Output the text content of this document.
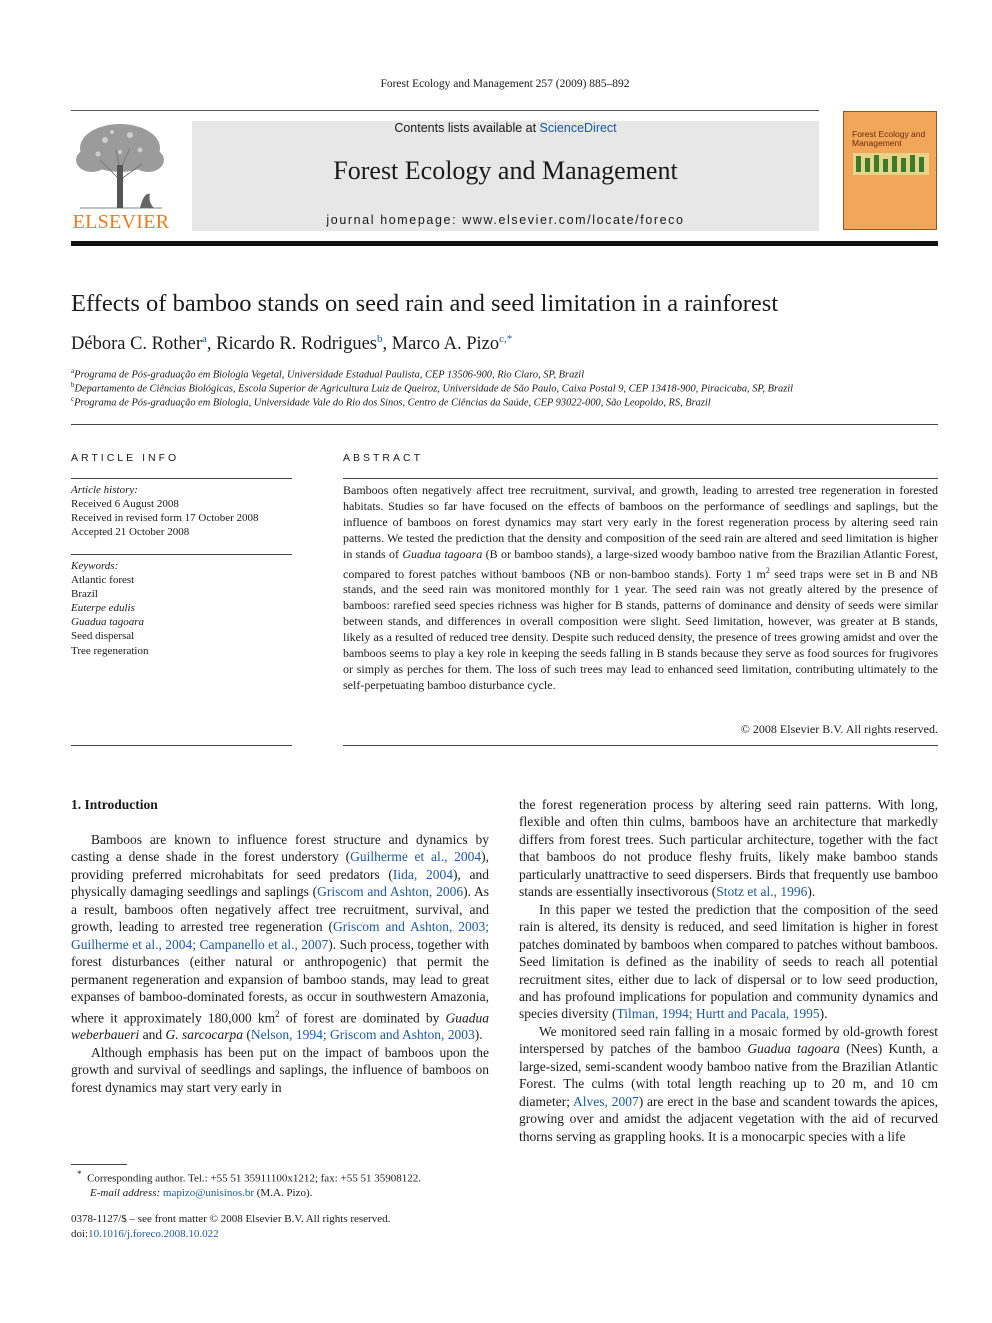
Forest Ecology and Management 257 (2009) 885–892
ELSEVIER
Contents lists available at ScienceDirect
Forest Ecology and Management
journal homepage: www.elsevier.com/locate/foreco
Forest Ecology and Management
Effects of bamboo stands on seed rain and seed limitation in a rainforest
Débora C. Rother$^a$, Ricardo R. Rodrigues$^b$, Marco A. Pizo$^{c,*}$
$^a$Programa de Pós-graduação em Biologia Vegetal, Universidade Estadual Paulista, CEP 13506-900, Rio Claro, SP, Brazil
$^b$Departamento de Ciências Biológicas, Escola Superior de Agricultura Luiz de Queiroz, Universidade de São Paulo, Caixa Postal 9, CEP 13418-900, Piracicaba, SP, Brazil
$^c$Programa de Pós-graduação em Biologia, Universidade Vale do Rio dos Sinos, Centro de Ciências da Saúde, CEP 93022-000, São Leopoldo, RS, Brazil
ARTICLE INFO
Article history:
Received 6 August 2008
Received in revised form 17 October 2008
Accepted 21 October 2008
Keywords:
Atlantic forest
Brazil
Euterpe edulis
Guadua tagoara
Seed dispersal
Tree regeneration
ABSTRACT
Bamboos often negatively affect tree recruitment, survival, and growth, leading to arrested tree regeneration in forested habitats. Studies so far have focused on the effects of bamboos on the performance of seedlings and saplings, but the influence of bamboos on forest dynamics may start very early in the forest regeneration process by altering seed rain patterns. We tested the prediction that the density and composition of the seed rain are altered and seed limitation is higher in stands of Guadua tagoara (B or bamboo stands), a large-sized woody bamboo native from the Brazilian Atlantic Forest, compared to forest patches without bamboos (NB or non-bamboo stands). Forty 1 $m^2$ seed traps were set in B and NB stands, and the seed rain was monitored monthly for 1 year. The seed rain was not greatly altered by the presence of bamboos: rarefied seed species richness was higher for B stands, patterns of dominance and density of seeds were similar between stands, and differences in overall composition were slight. Seed limitation, however, was greater at B stands, likely as a resulted of reduced tree density. Despite such reduced density, the presence of trees growing amidst and over the bamboos seems to play a key role in keeping the seeds falling in B stands because they serve as food sources for frugivores or simply as perches for them. The loss of such trees may lead to enhanced seed limitation, contributing ultimately to the self-perpetuating bamboo disturbance cycle.
© 2008 Elsevier B.V. All rights reserved.
1. Introduction

Bamboos are known to influence forest structure and dynamics by casting a dense shade in the forest understory (Guilherme et al., 2004), providing preferred microhabitats for seed predators (Iida, 2004), and physically damaging seedlings and saplings (Griscom and Ashton, 2006). As a result, bamboos often negatively affect tree recruitment, survival, and growth, leading to arrested tree regeneration (Griscom and Ashton, 2003; Guilherme et al., 2004; Campanello et al., 2007). Such process, together with forest disturbances (either natural or anthropogenic) that permit the permanent regeneration and expansion of bamboo stands, may lead to great expanses of bamboo-dominated forests, as occur in southwestern Amazonia, where it approximately 180,000 $km^2$ of forest are dominated by Guadua weberbaueri and G. sarcocarpa (Nelson, 1994; Griscom and Ashton, 2003).

Although emphasis has been put on the impact of bamboos upon the growth and survival of seedlings and saplings, the influence of bamboos on forest dynamics may start very early in

the forest regeneration process by altering seed rain patterns. With long, flexible and often thin culms, bamboos have an architecture that markedly differs from forest trees. Such particular architecture, together with the fact that bamboos do not produce fleshy fruits, likely make bamboo stands particularly unattractive to seed dispersers. Birds that frequently use bamboo stands are essentially insectivorous (Stotz et al., 1996).

In this paper we tested the prediction that the composition of the seed rain is altered, its density is reduced, and seed limitation is higher in forest patches dominated by bamboos when compared to patches without bamboos. Seed limitation is defined as the inability of seeds to reach all potential recruitment sites, either due to lack of dispersal or to low seed production, and has profound implications for population and community dynamics and species diversity (Tilman, 1994; Hurtt and Pacala, 1995).

We monitored seed rain falling in a mosaic formed by old-growth forest interspersed by patches of the bamboo Guadua tagoara (Nees) Kunth, a large-sized, semi-scandent woody bamboo native from the Brazilian Atlantic Forest. The culms (with total length reaching up to 20 m, and 10 cm diameter; Alves, 2007) are erect in the base and scandent towards the apices, growing over and amidst the adjacent vegetation with the aid of recurved thorns serving as grappling hooks. It is a monocarpic species with a life

* Corresponding author. Tel.: +55 51 35911100x1212; fax: +55 51 35908122.
E-mail address: mapizo@unisinos.br (M.A. Pizo).
0378-1127/$ – see front matter © 2008 Elsevier B.V. All rights reserved.
doi:10.1016/j.foreco.2008.10.022
